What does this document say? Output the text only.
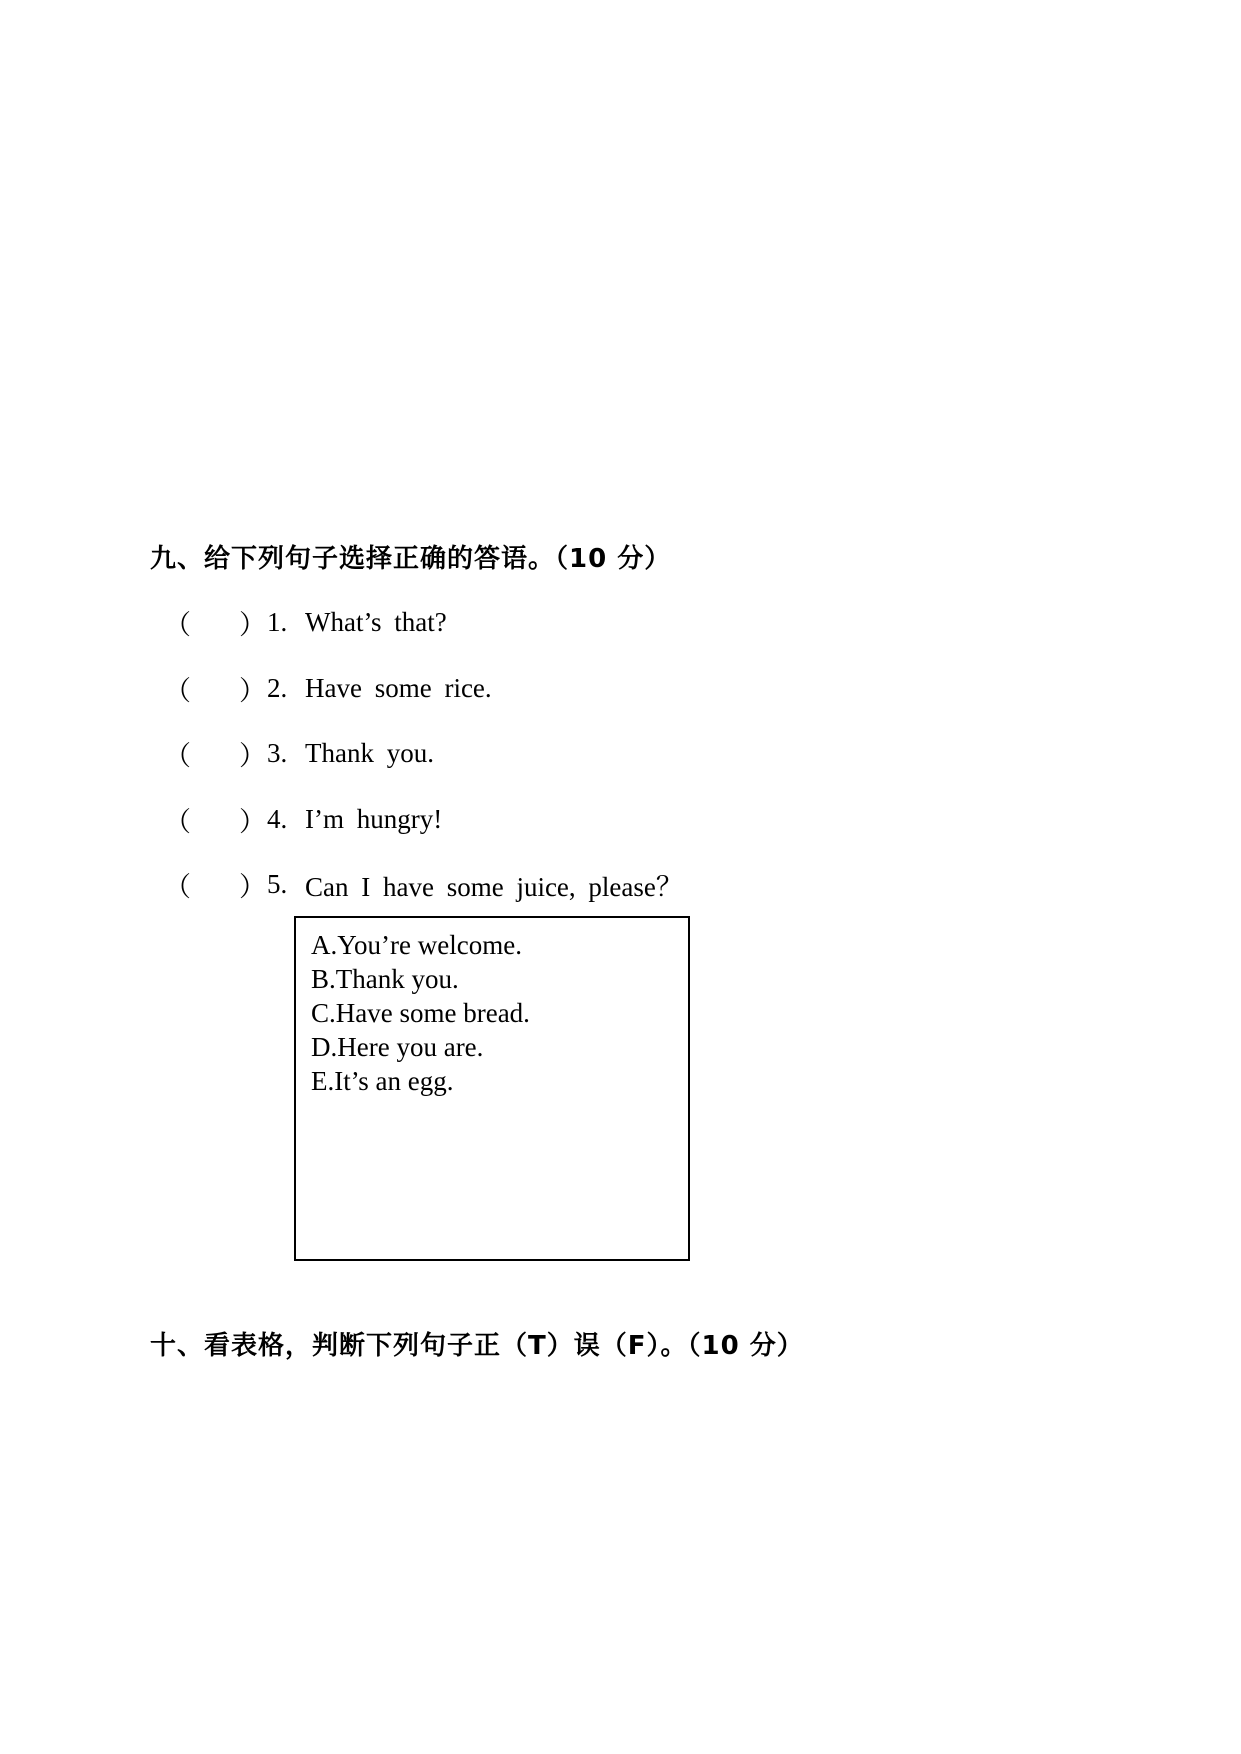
九、给下列句子选择正确的答语。（10 分）
（	） 1. What’s that?
（	） 2. Have some rice.
（	） 3. Thank you.
（	） 4. I’m hungry!
（	） 5. Can I have some juice, please？
A.You’re welcome.
B.Thank you.
C.Have some bread.
D.Here you are.
E.It’s an egg.
十、看表格，判断下列句子正（T）误（F）。（10 分）
